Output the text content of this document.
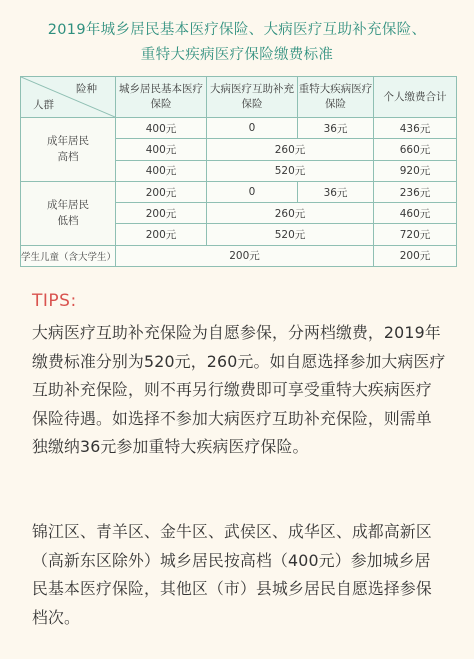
2019年城乡居民基本医疗保险、大病医疗互助补充保险、
重特大疾病医疗保险缴费标准
险种
人群	城乡居民基本医疗保险	大病医疗互助补充保险	重特大疾病医疗保险	个人缴费合计
成年居民高档	400元	0	36元	436元
	400元	260元		660元
	400元	520元		920元
成年居民低档	200元	0	36元	236元
	200元	260元		460元
	200元	520元		720元
学生儿童（含大学生）	200元			200元
TIPS:
大病医疗互助补充保险为自愿参保，分两档缴费，2019年缴费标准分别为520元，260元。如自愿选择参加大病医疗互助补充保险，则不再另行缴费即可享受重特大疾病医疗保险待遇。如选择不参加大病医疗互助补充保险，则需单独缴纳36元参加重特大疾病医疗保险。
锦江区、青羊区、金牛区、武侯区、成华区、成都高新区（高新东区除外）城乡居民按高档（400元）参加城乡居民基本医疗保险，其他区（市）县城乡居民自愿选择参保档次。
